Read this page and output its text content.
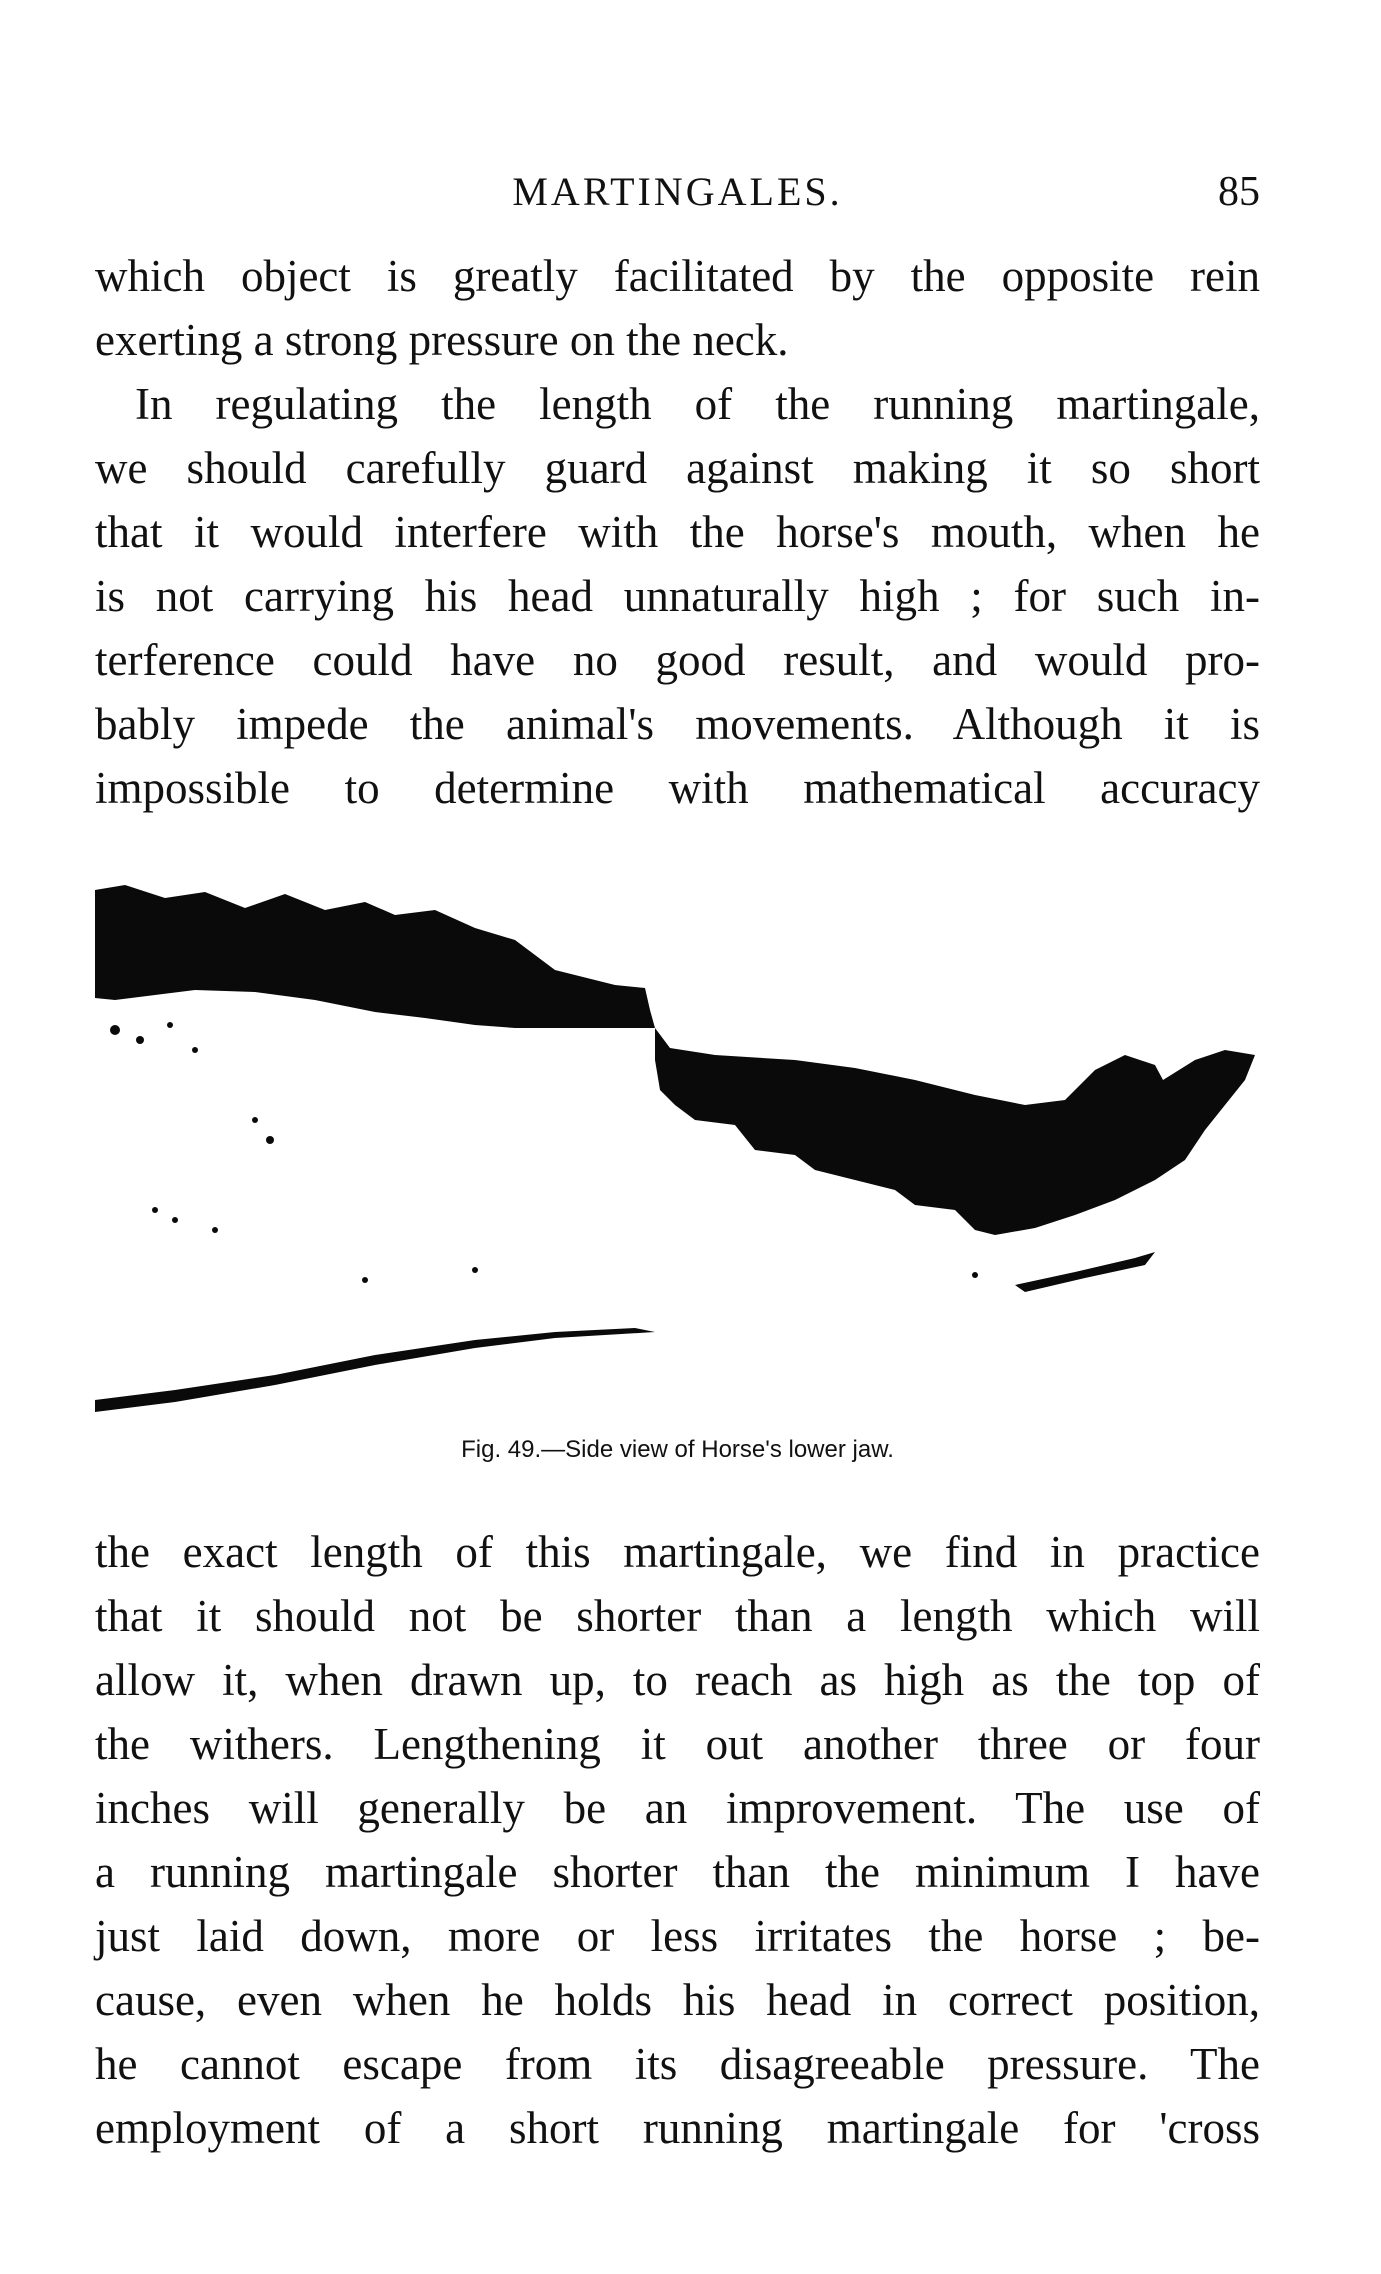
MARTINGALES.	85
which object is greatly facilitated by the opposite rein
exerting a strong pressure on the neck.
In regulating the length of the running martingale,
we should carefully guard against making it so short
that it would interfere with the horse's mouth, when he
is not carrying his head unnaturally high ; for such in-
terference could have no good result, and would pro-
bably impede the animal's movements. Although it is
impossible to determine with mathematical accuracy
Fig. 49.—Side view of Horse's lower jaw.
the exact length of this martingale, we find in practice
that it should not be shorter than a length which will
allow it, when drawn up, to reach as high as the top of
the withers. Lengthening it out another three or four
inches will generally be an improvement. The use of
a running martingale shorter than the minimum I have
just laid down, more or less irritates the horse ; be-
cause, even when he holds his head in correct position,
he cannot escape from its disagreeable pressure. The
employment of a short running martingale for 'cross
